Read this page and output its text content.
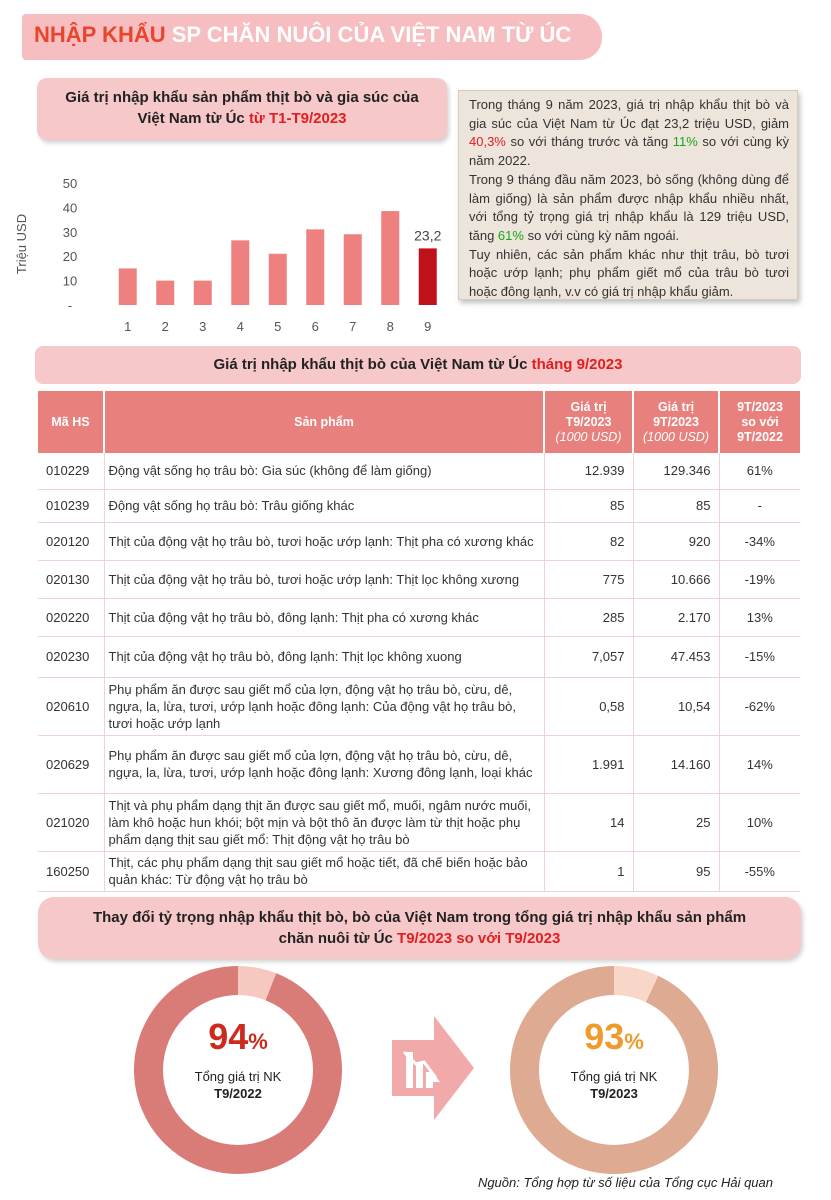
NHẬP KHẨU SP CHĂN NUÔI CỦA VIỆT NAM TỪ ÚC
Giá trị nhập khẩu sản phẩm thịt bò và gia súc của
Việt Nam từ Úc từ T1-T9/2023
Triệu USD
-
10
20
30
40
50
1 2 3 4 5 6 7 8 9
23,2
Trong tháng 9 năm 2023, giá trị nhập khẩu thịt bò và gia súc của Việt Nam từ Úc đạt 23,2 triệu USD, giảm 40,3% so với tháng trước và tăng 11% so với cùng kỳ năm 2022.
Trong 9 tháng đầu năm 2023, bò sống (không dùng để làm giống) là sản phẩm được nhập khẩu nhiều nhất, với tổng tỷ trọng giá trị nhập khẩu là 129 triệu USD, tăng 61% so với cùng kỳ năm ngoái.
Tuy nhiên, các sản phẩm khác như thịt trâu, bò tươi hoặc ướp lạnh; phụ phẩm giết mổ của trâu bò tươi hoặc đông lạnh, v.v có giá trị nhập khẩu giảm.
Giá trị nhập khẩu thịt bò của Việt Nam từ Úc tháng 9/2023
Mã HS	Sản phẩm	Giá trị
T9/2023
(1000 USD)	Giá trị
9T/2023
(1000 USD)	9T/2023
so với
9T/2022
010229	Động vật sống họ trâu bò: Gia súc (không để làm giống)	12.939	129.346	61%
010239	Động vật sống họ trâu bò: Trâu giống khác	85	85	-
020120	Thịt của động vật họ trâu bò, tươi hoặc ướp lạnh: Thịt pha có xương khác	82	920	-34%
020130	Thịt của động vật họ trâu bò, tươi hoặc ướp lạnh: Thịt lọc không xương	775	10.666	-19%
020220	Thịt của động vật họ trâu bò, đông lạnh: Thịt pha có xương khác	285	2.170	13%
020230	Thịt của động vật họ trâu bò, đông lạnh: Thịt lọc không xuong	7,057	47.453	-15%
020610	Phụ phẩm ăn được sau giết mổ của lợn, động vật họ trâu bò, cừu, dê, ngựa, la, lừa, tươi, ướp lạnh hoặc đông lạnh: Của động vật họ trâu bò, tươi hoặc ướp lạnh	0,58	10,54	-62%
020629	Phụ phẩm ăn được sau giết mổ của lợn, động vật họ trâu bò, cừu, dê, ngựa, la, lừa, tươi, ướp lạnh hoặc đông lạnh: Xương đông lạnh, loại khác	1.991	14.160	14%
021020	Thịt và phụ phẩm dạng thịt ăn được sau giết mổ, muối, ngâm nước muối, làm khô hoặc hun khói; bột mịn và bột thô ăn được làm từ thịt hoặc phụ phẩm dạng thịt sau giết mổ: Thịt động vật họ trâu bò	14	25	10%
160250	Thịt, các phụ phẩm dạng thịt sau giết mổ hoặc tiết, đã chế biến hoặc bảo quản khác: Từ động vật họ trâu bò	1	95	-55%
Thay đổi tỷ trọng nhập khẩu thịt bò, bò của Việt Nam trong tổng giá trị nhập khẩu sản phẩm
chăn nuôi từ Úc T9/2023 so với T9/2023
94%
Tổng giá trị NK
T9/2022
93%
Tổng giá trị NK
T9/2023
Nguồn: Tổng hợp từ số liệu của Tổng cục Hải quan
